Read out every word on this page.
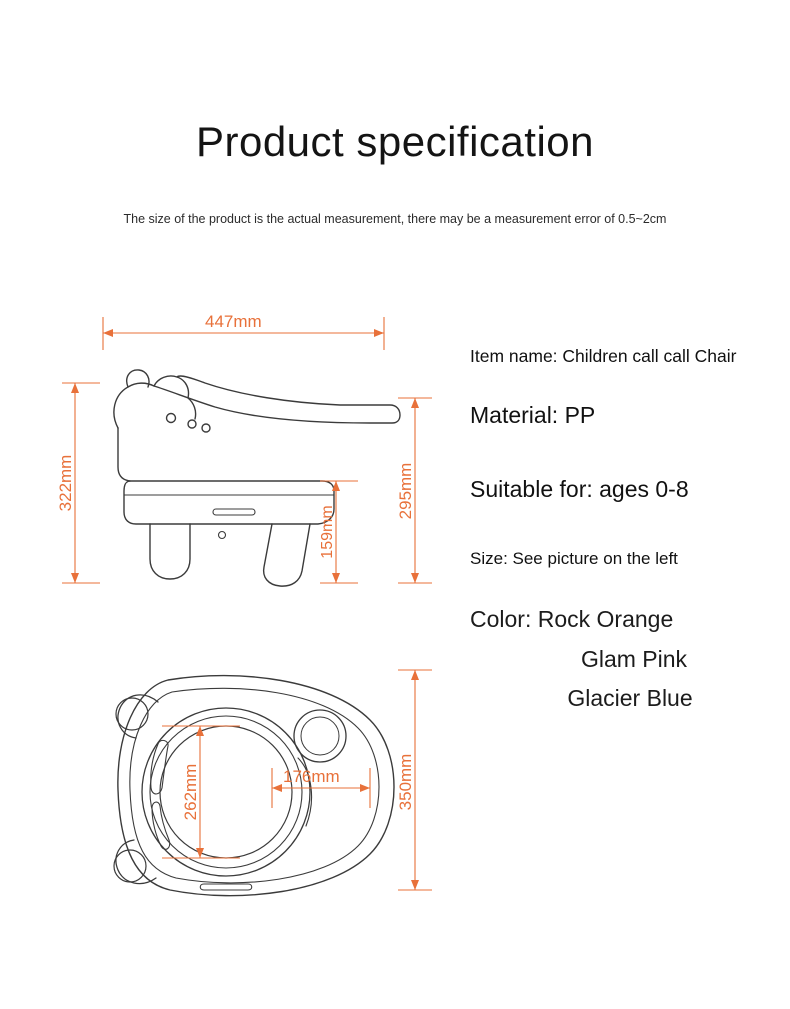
Product specification
The size of the product is the actual measurement, there may be a measurement error of 0.5~2cm
447mm
322mm
159mm
295mm
262mm	176mm	350mm
Item name: Children call call Chair
Material: PP
Suitable for: ages 0-8
Size: See picture on the left
Color: Rock Orange
Glam Pink
Glacier Blue
